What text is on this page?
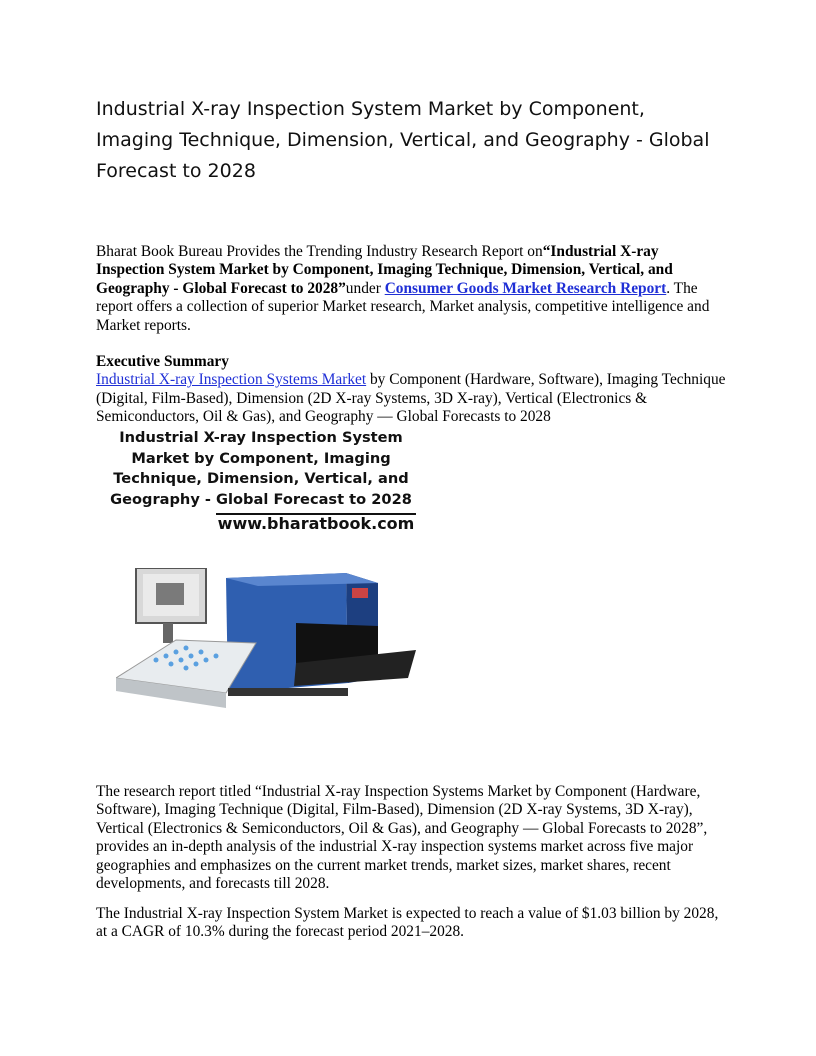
Industrial X-ray Inspection System Market by Component, Imaging Technique, Dimension, Vertical, and Geography - Global Forecast to 2028

Bharat Book Bureau Provides the Trending Industry Research Report on“Industrial X-ray Inspection System Market by Component, Imaging Technique, Dimension, Vertical, and Geography - Global Forecast to 2028”under Consumer Goods Market Research Report. The report offers a collection of superior Market research, Market analysis, competitive intelligence and Market reports.

Executive Summary
Industrial X-ray Inspection Systems Market by Component (Hardware, Software), Imaging Technique (Digital, Film-Based), Dimension (2D X-ray Systems, 3D X-ray), Vertical (Electronics & Semiconductors, Oil & Gas), and Geography — Global Forecasts to 2028

The research report titled “Industrial X-ray Inspection Systems Market by Component (Hardware, Software), Imaging Technique (Digital, Film-Based), Dimension (2D X-ray Systems, 3D X-ray), Vertical (Electronics & Semiconductors, Oil & Gas), and Geography — Global Forecasts to 2028”, provides an in-depth analysis of the industrial X-ray inspection systems market across five major geographies and emphasizes on the current market trends, market sizes, market shares, recent developments, and forecasts till 2028.

The Industrial X-ray Inspection System Market is expected to reach a value of $1.03 billion by 2028, at a CAGR of 10.3% during the forecast period 2021–2028.

Industrial X-ray Inspection System Market by Component, Imaging Technique, Dimension, Vertical, and Geography - Global Forecast to 2028
www.bharatbook.com
